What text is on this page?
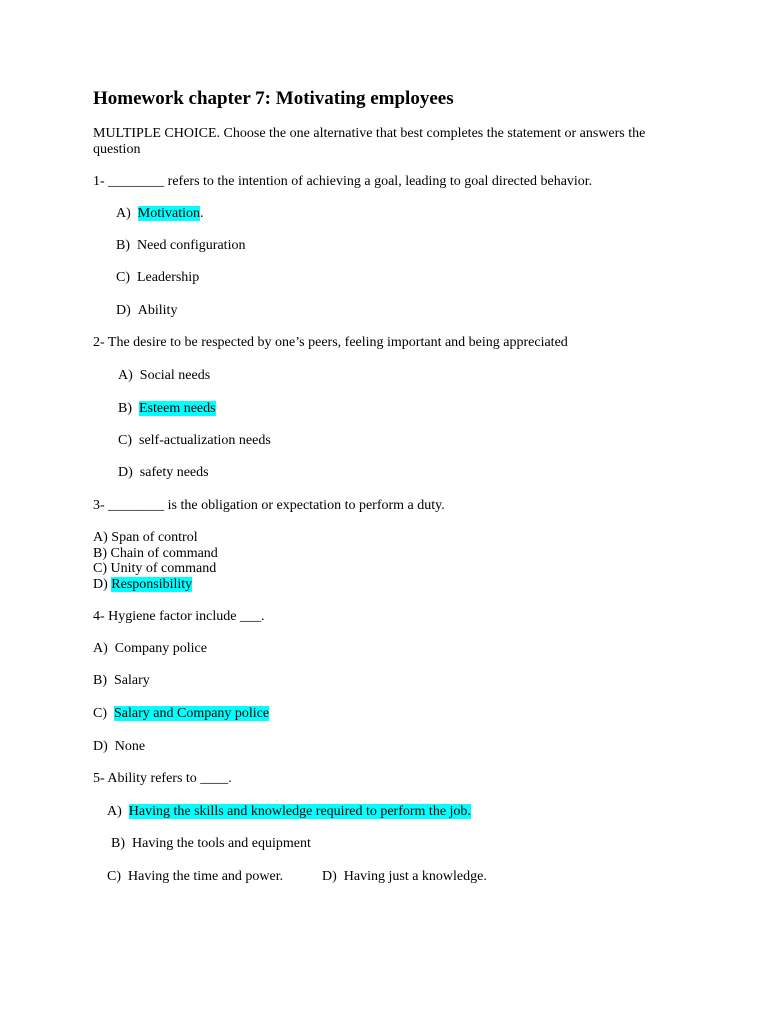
Homework chapter 7: Motivating employees
MULTIPLE CHOICE. Choose the one alternative that best completes the statement or answers the question
1- ________ refers to the intention of achieving a goal, leading to goal directed behavior.
A) Motivation.
B) Need configuration
C) Leadership
D) Ability
2- The desire to be respected by one’s peers, feeling important and being appreciated
A) Social needs
B) Esteem needs
C) self-actualization needs
D) safety needs
3- ________ is the obligation or expectation to perform a duty.
A) Span of control
B) Chain of command
C) Unity of command
D) Responsibility
4- Hygiene factor include ___.
A) Company police
B) Salary
C) Salary and Company police
D) None
5- Ability refers to ____.
A) Having the skills and knowledge required to perform the job.
B) Having the tools and equipment
C) Having the time and power.	D) Having just a knowledge.
